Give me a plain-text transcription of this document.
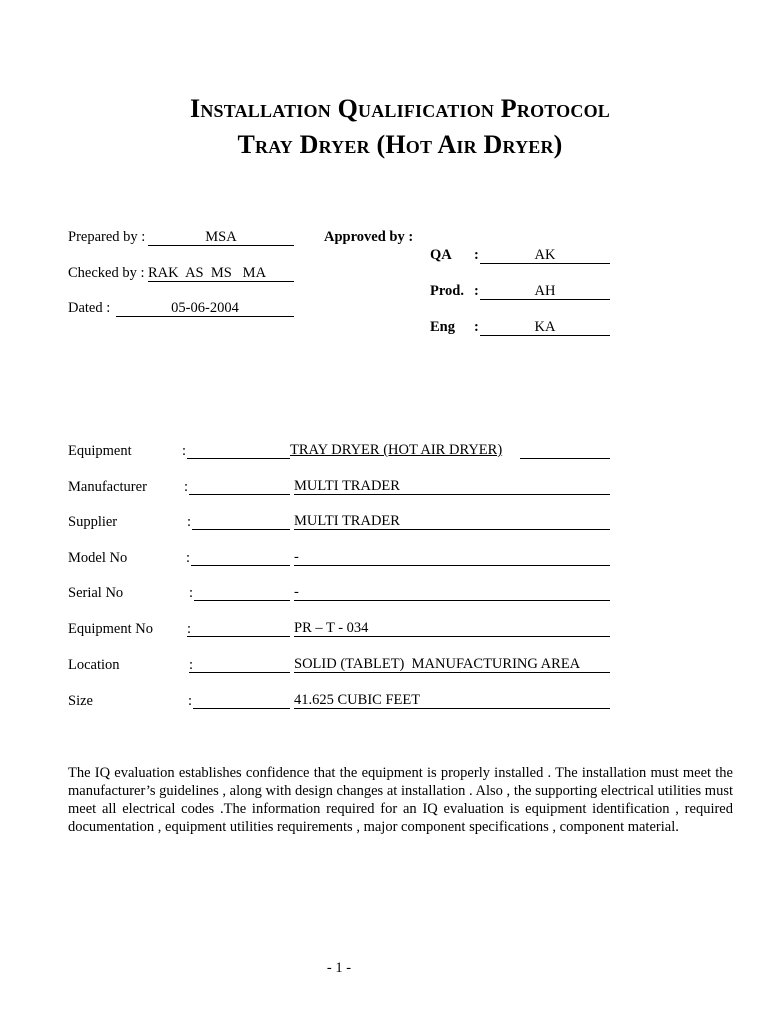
Installation Qualification Protocol
Tray Dryer (Hot Air Dryer)
Prepared by :	MSA
Checked by : RAK  AS  MS   MA
Dated :	05-06-2004
Approved by :
QA :	AK
Prod. :	AH
Eng :	KA
Equipment	:	TRAY DRYER (HOT AIR DRYER)
Manufacturer	:	MULTI TRADER
Supplier	:	MULTI TRADER
Model No	:	-
Serial No	:	-
Equipment No :	PR – T - 034
Location	:	SOLID (TABLET)  MANUFACTURING AREA
Size	:	41.625 CUBIC FEET
The IQ evaluation establishes confidence that the equipment is properly installed . The installation must meet the manufacturer’s guidelines , along with design changes at installation . Also , the supporting electrical utilities must meet all electrical codes .The information required for an IQ evaluation is equipment identification , required documentation , equipment utilities requirements , major component specifications , component material.
- 1 -
